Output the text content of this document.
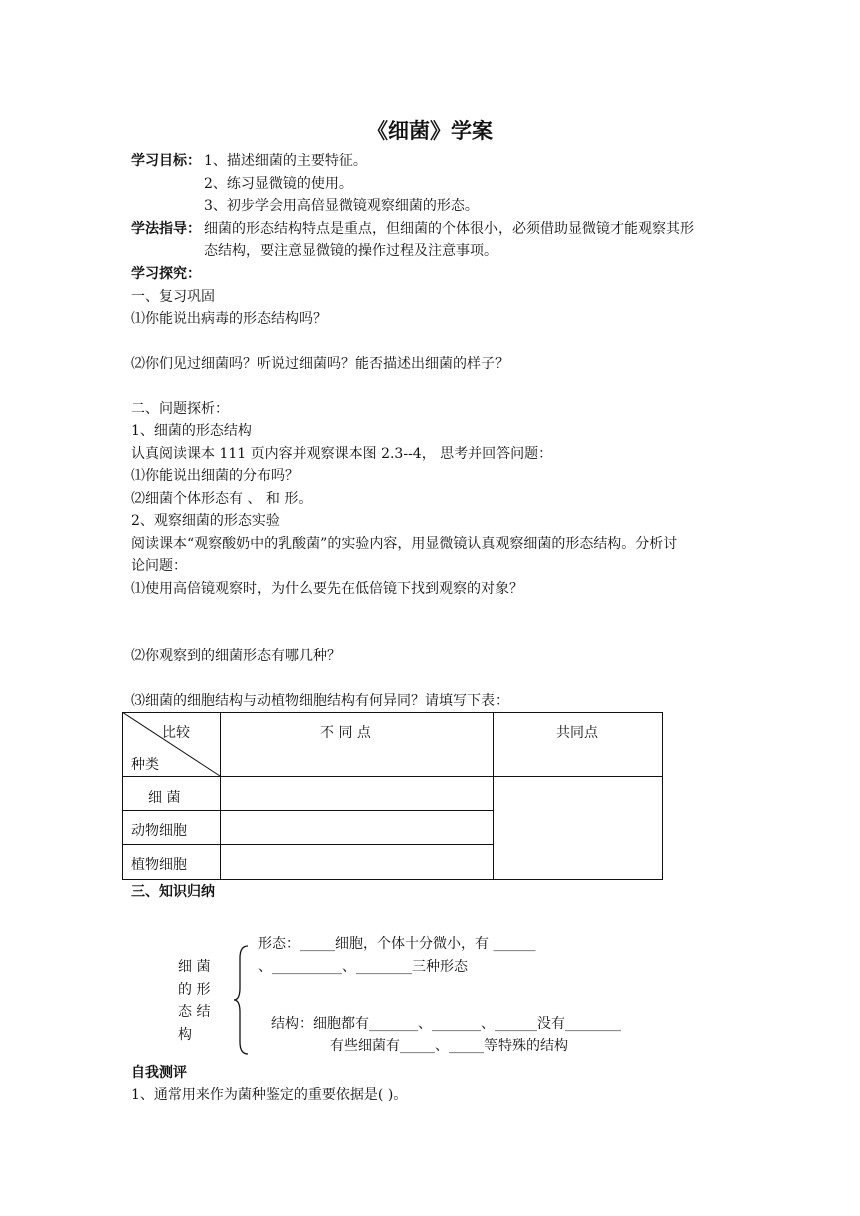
《细菌》学案
学习目标： 1、描述细菌的主要特征。
2、练习显微镜的使用。
3、初步学会用高倍显微镜观察细菌的形态。
学法指导： 细菌的形态结构特点是重点，但细菌的个体很小，必须借助显微镜才能观察其形
态结构，要注意显微镜的操作过程及注意事项。
学习探究：
一、复习巩固
⑴你能说出病毒的形态结构吗？
⑵你们见过细菌吗？听说过细菌吗？能否描述出细菌的样子？
二、问题探析：
1、细菌的形态结构
认真阅读课本 111 页内容并观察课本图 2.3--4， 思考并回答问题：
⑴你能说出细菌的分布吗？
⑵细菌个体形态有 、 和 形。
2、观察细菌的形态实验
阅读课本“观察酸奶中的乳酸菌”的实验内容，用显微镜认真观察细菌的形态结构。分析讨
论问题：
⑴使用高倍镜观察时，为什么要先在低倍镜下找到观察的对象？
⑵你观察到的细菌形态有哪几种？
⑶细菌的细胞结构与动植物细胞结构有何异同？请填写下表：
比较
种类
不 同 点	共同点
细 菌
动物细胞
植物细胞
三、知识归纳
细 菌
的 形
态 结
构
形态：_____细胞，个体十分微小，有 ______
、__________、________三种形态
结构：细胞都有_______、_______、______没有________
有些细菌有_____、_____等特殊的结构
自我测评
1、通常用来作为菌种鉴定的重要依据是( )。
